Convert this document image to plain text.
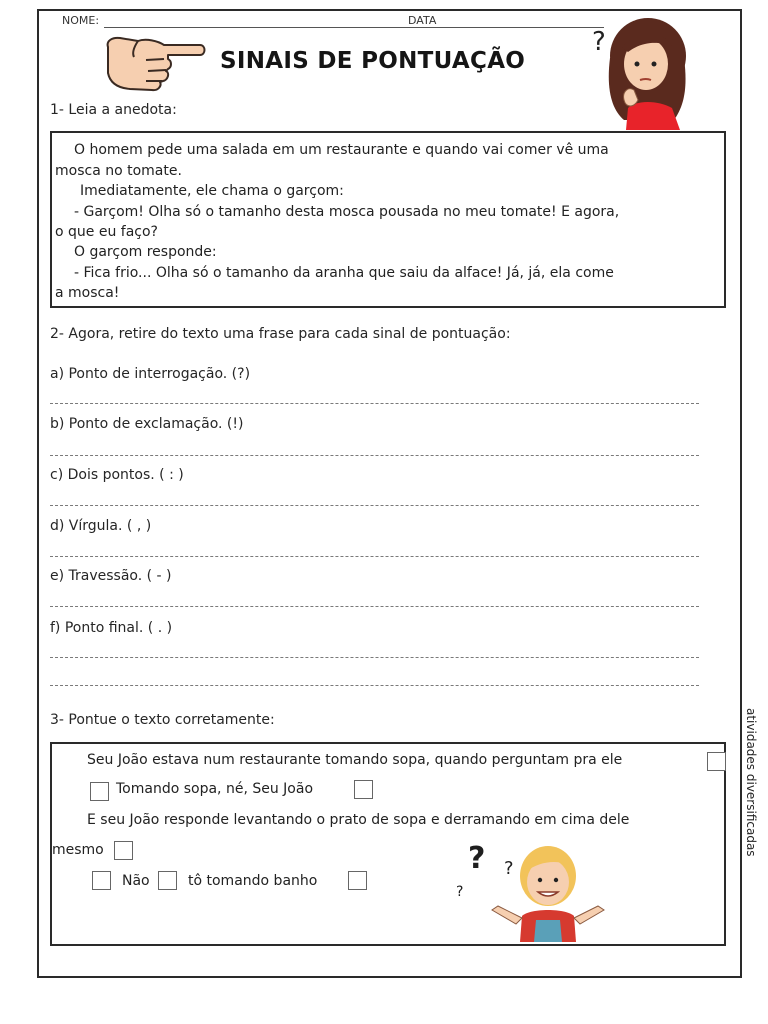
NOME:	DATA
SINAIS DE PONTUAÇÃO
?
1- Leia a anedota:

O homem pede uma salada em um restaurante e quando vai comer vê uma

mosca no tomate.

Imediatamente, ele chama o garçom:

- Garçom! Olha só o tamanho desta mosca pousada no meu tomate! E agora,

o que eu faço?

O garçom responde:

- Fica frio... Olha só o tamanho da aranha que saiu da alface! Já, já, ela come

a mosca!

2- Agora, retire do texto uma frase para cada sinal de pontuação:
a) Ponto de interrogação. (?)
b) Ponto de exclamação. (!)
c) Dois pontos. ( : )
d) Vírgula. ( , )
e) Travessão. ( - )
f) Ponto final. ( . )
3- Pontue o texto corretamente:
Seu João estava num restaurante tomando sopa, quando perguntam pra ele
Tomando sopa, né, Seu João
E seu João responde levantando o prato de sopa e derramando em cima dele
mesmo
Não	tô tomando banho
? ?
?
atividades diversificadas
